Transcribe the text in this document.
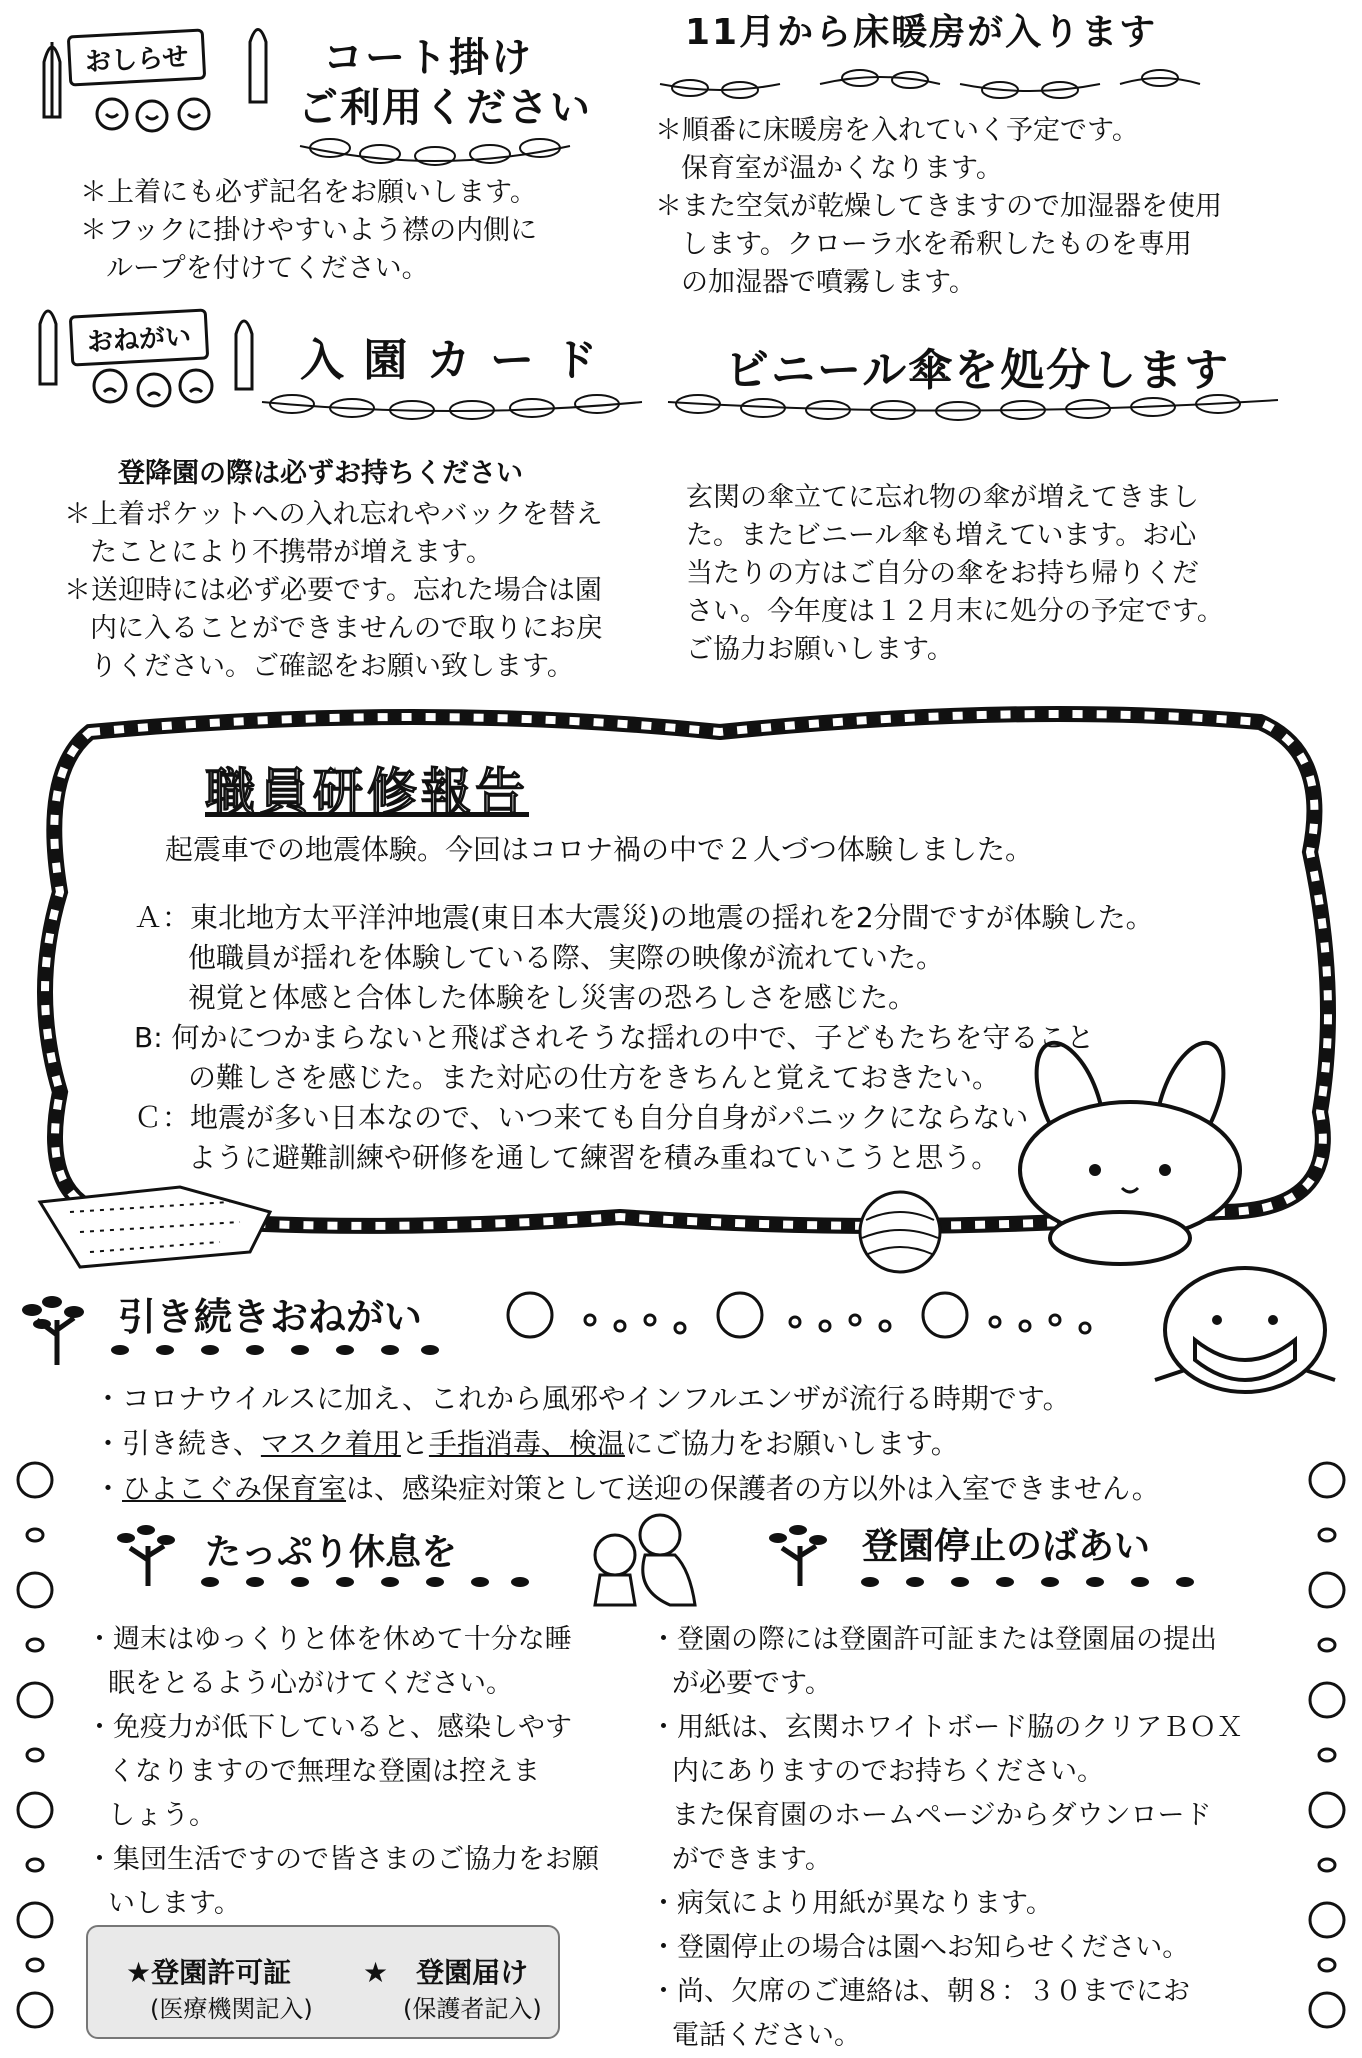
おしらせ	コート掛け
ご利用ください
＊上着にも必ず記名をお願いします。
＊フックに掛けやすいよう襟の内側に
ループを付けてください。
11月から床暖房が入ります
＊順番に床暖房を入れていく予定です。
保育室が温かくなります。
＊また空気が乾燥してきますので加湿器を使用
します。クローラ水を希釈したものを専用
の加湿器で噴霧します。
おねがい	入 園 カ ー ド
登降園の際は必ずお持ちください
＊上着ポケットへの入れ忘れやバックを替え
たことにより不携帯が増えます。
＊送迎時には必ず必要です。忘れた場合は園
内に入ることができませんので取りにお戻
りください。ご確認をお願い致します。
ビニール傘を処分します
玄関の傘立てに忘れ物の傘が増えてきまし
た。またビニール傘も増えています。お心
当たりの方はご自分の傘をお持ち帰りくだ
さい。今年度は１２月末に処分の予定です。
ご協力お願いします。
職員研修報告
起震車での地震体験。今回はコロナ禍の中で２人づつ体験しました。
Ａ：東北地方太平洋沖地震(東日本大震災)の地震の揺れを2分間ですが体験した。
他職員が揺れを体験している際、実際の映像が流れていた。
視覚と体感と合体した体験をし災害の恐ろしさを感じた。
B: 何かにつかまらないと飛ばされそうな揺れの中で、子どもたちを守ること
の難しさを感じた。また対応の仕方をきちんと覚えておきたい。
Ｃ：地震が多い日本なので、いつ来ても自分自身がパニックにならない
ように避難訓練や研修を通して練習を積み重ねていこうと思う。
引き続きおねがい
・コロナウイルスに加え、これから風邪やインフルエンザが流行る時期です。
・引き続き、マスク着用と手指消毒、検温にご協力をお願いします。
・ひよこぐみ保育室は、感染症対策として送迎の保護者の方以外は入室できません。
たっぷり休息を
・週末はゆっくりと体を休めて十分な睡
眠をとるよう心がけてください。
・免疫力が低下していると、感染しやす
くなりますので無理な登園は控えま
しょう。
・集団生活ですので皆さまのご協力をお願
いします。
★登園許可証
(医療機関記入)
★　登園届け
(保護者記入)
登園停止のばあい
・登園の際には登園許可証または登園届の提出
が必要です。
・用紙は、玄関ホワイトボード脇のクリアＢＯＸ
内にありますのでお持ちください。
また保育園のホームページからダウンロード
ができます。
・病気により用紙が異なります。
・登園停止の場合は園へお知らせください。
・尚、欠席のご連絡は、朝８：３０までにお
電話ください。
